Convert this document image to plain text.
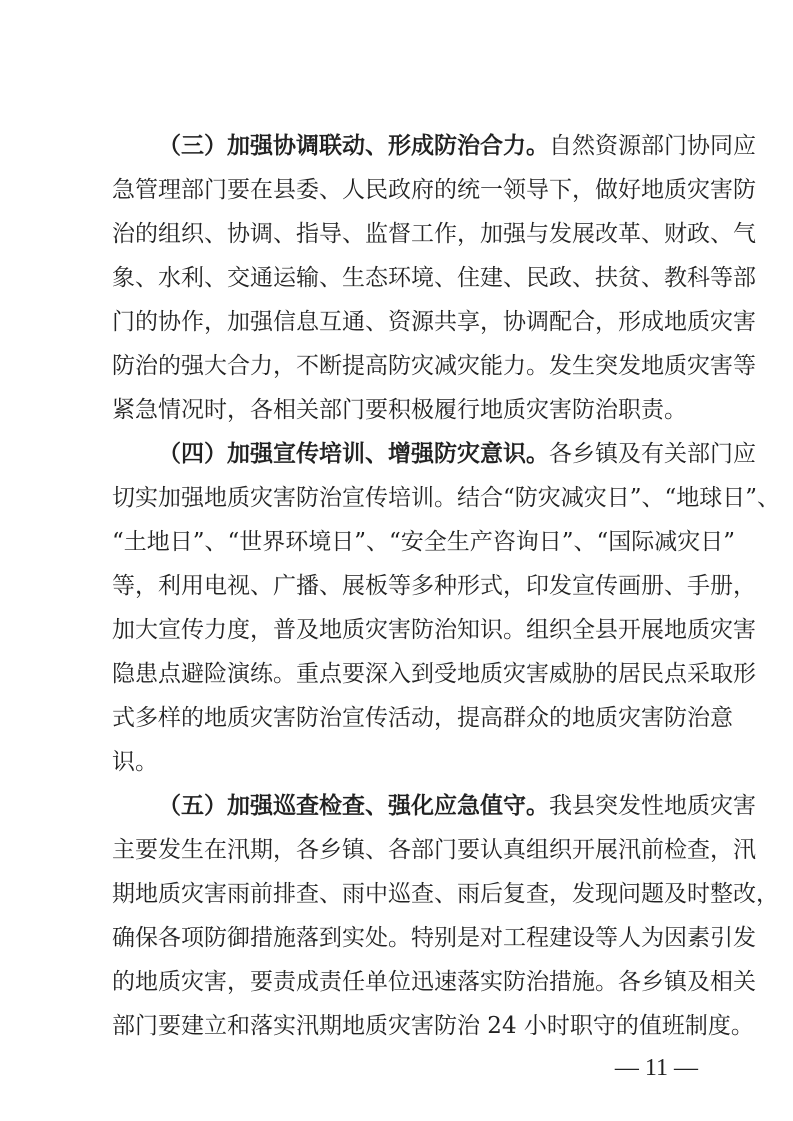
（三）加强协调联动、形成防治合力。自然资源部门协同应
急管理部门要在县委、人民政府的统一领导下，做好地质灾害防
治的组织、协调、指导、监督工作，加强与发展改革、财政、气
象、水利、交通运输、生态环境、住建、民政、扶贫、教科等部
门的协作，加强信息互通、资源共享，协调配合，形成地质灾害
防治的强大合力，不断提高防灾减灾能力。发生突发地质灾害等
紧急情况时，各相关部门要积极履行地质灾害防治职责。
（四）加强宣传培训、增强防灾意识。各乡镇及有关部门应
切实加强地质灾害防治宣传培训。结合“防灾减灾日”、“地球日”、
“土地日”、“世界环境日”、“安全生产咨询日”、“国际减灾日”
等，利用电视、广播、展板等多种形式，印发宣传画册、手册，
加大宣传力度，普及地质灾害防治知识。组织全县开展地质灾害
隐患点避险演练。重点要深入到受地质灾害威胁的居民点采取形
式多样的地质灾害防治宣传活动，提高群众的地质灾害防治意
识。
（五）加强巡查检查、强化应急值守。我县突发性地质灾害
主要发生在汛期，各乡镇、各部门要认真组织开展汛前检查，汛
期地质灾害雨前排查、雨中巡查、雨后复查，发现问题及时整改，
确保各项防御措施落到实处。特别是对工程建设等人为因素引发
的地质灾害，要责成责任单位迅速落实防治措施。各乡镇及相关
部门要建立和落实汛期地质灾害防治 24 小时职守的值班制度。
— 11 —
